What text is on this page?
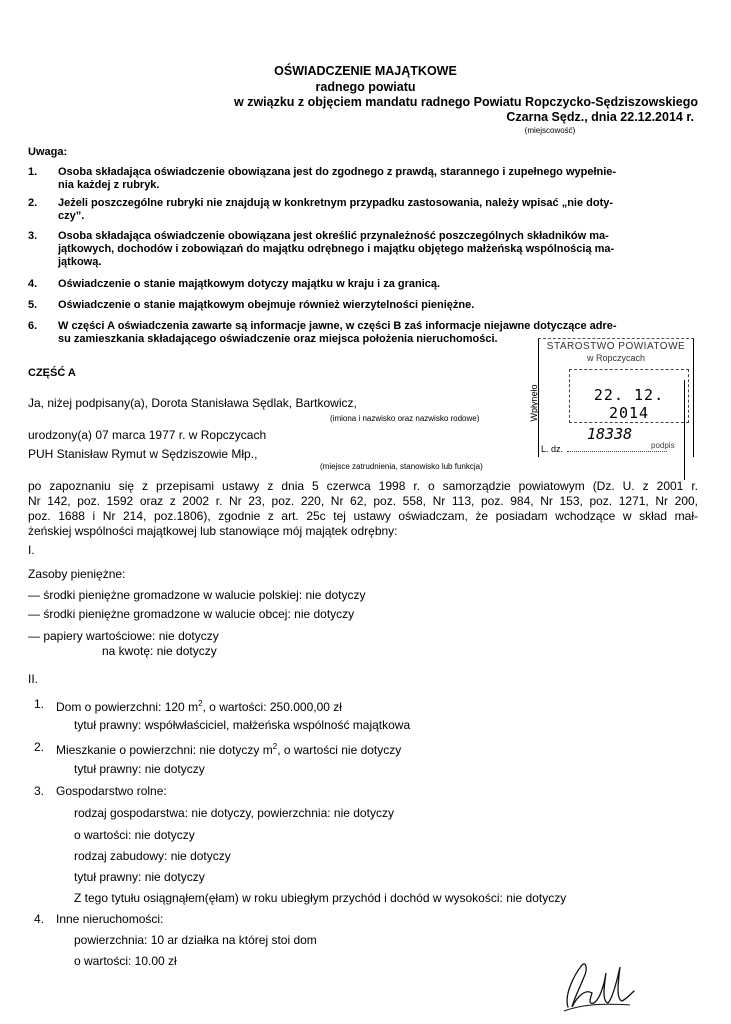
OŚWIADCZENIE MAJĄTKOWE
radnego powiatu
w związku z objęciem mandatu radnego Powiatu Ropczycko-Sędziszowskiego
Czarna Sędz., dnia 22.12.2014 r.
(miejscowość)
Uwaga:
1. Osoba składająca oświadczenie obowiązana jest do zgodnego z prawdą, starannego i zupełnego wypełnie-
nia każdej z rubryk.
2. Jeżeli poszczególne rubryki nie znajdują w konkretnym przypadku zastosowania, należy wpisać „nie doty-
czy”.
3. Osoba składająca oświadczenie obowiązana jest określić przynależność poszczególnych składników ma-
jątkowych, dochodów i zobowiązań do majątku odrębnego i majątku objętego małżeńską wspólnością ma-
jątkową.
4. Oświadczenie o stanie majątkowym dotyczy majątku w kraju i za granicą.
5. Oświadczenie o stanie majątkowym obejmuje również wierzytelności pieniężne.
6. W części A oświadczenia zawarte są informacje jawne, w części B zaś informacje niejawne dotyczące adre-
su zamieszkania składającego oświadczenie oraz miejsca położenia nieruchomości.
STAROSTWO POWIATOWE
w Ropczycach
Wpłynęło	22. 12. 2014
18338
L. dz.	podpis
CZĘŚĆ A
Ja, niżej podpisany(a), Dorota Stanisława Sędlak, Bartkowicz,
(imiona i nazwisko oraz nazwisko rodowe)
urodzony(a) 07 marca 1977 r. w Ropczycach
PUH Stanisław Rymut w Sędziszowie Młp.,
(miejsce zatrudnienia, stanowisko lub funkcja)
po zapoznaniu się z przepisami ustawy z dnia 5 czerwca 1998 r. o samorządzie powiatowym (Dz. U. z 2001 r.
Nr 142, poz. 1592 oraz z 2002 r. Nr 23, poz. 220, Nr 62, poz. 558, Nr 113, poz. 984, Nr 153, poz. 1271, Nr 200,
poz. 1688 i Nr 214, poz.1806), zgodnie z art. 25c tej ustawy oświadczam, że posiadam wchodzące w skład mał-
żeńskiej wspólności majątkowej lub stanowiące mój majątek odrębny:
I.
Zasoby pieniężne:
— środki pieniężne gromadzone w walucie polskiej: nie dotyczy
— środki pieniężne gromadzone w walucie obcej: nie dotyczy
— papiery wartościowe: nie dotyczy
na kwotę: nie dotyczy
II.
1. Dom o powierzchni: 120 $m^2$, o wartości: 250.000,00 zł
tytuł prawny: współwłaściciel, małżeńska wspólność majątkowa
2. Mieszkanie o powierzchni: nie dotyczy $m^2$, o wartości nie dotyczy
tytuł prawny: nie dotyczy
3. Gospodarstwo rolne:
rodzaj gospodarstwa: nie dotyczy, powierzchnia: nie dotyczy
o wartości: nie dotyczy
rodzaj zabudowy: nie dotyczy
tytuł prawny: nie dotyczy
Z tego tytułu osiągnąłem(ęłam) w roku ubiegłym przychód i dochód w wysokości: nie dotyczy
4. Inne nieruchomości:
powierzchnia: 10 ar działka na której stoi dom
o wartości: 10.00 zł
